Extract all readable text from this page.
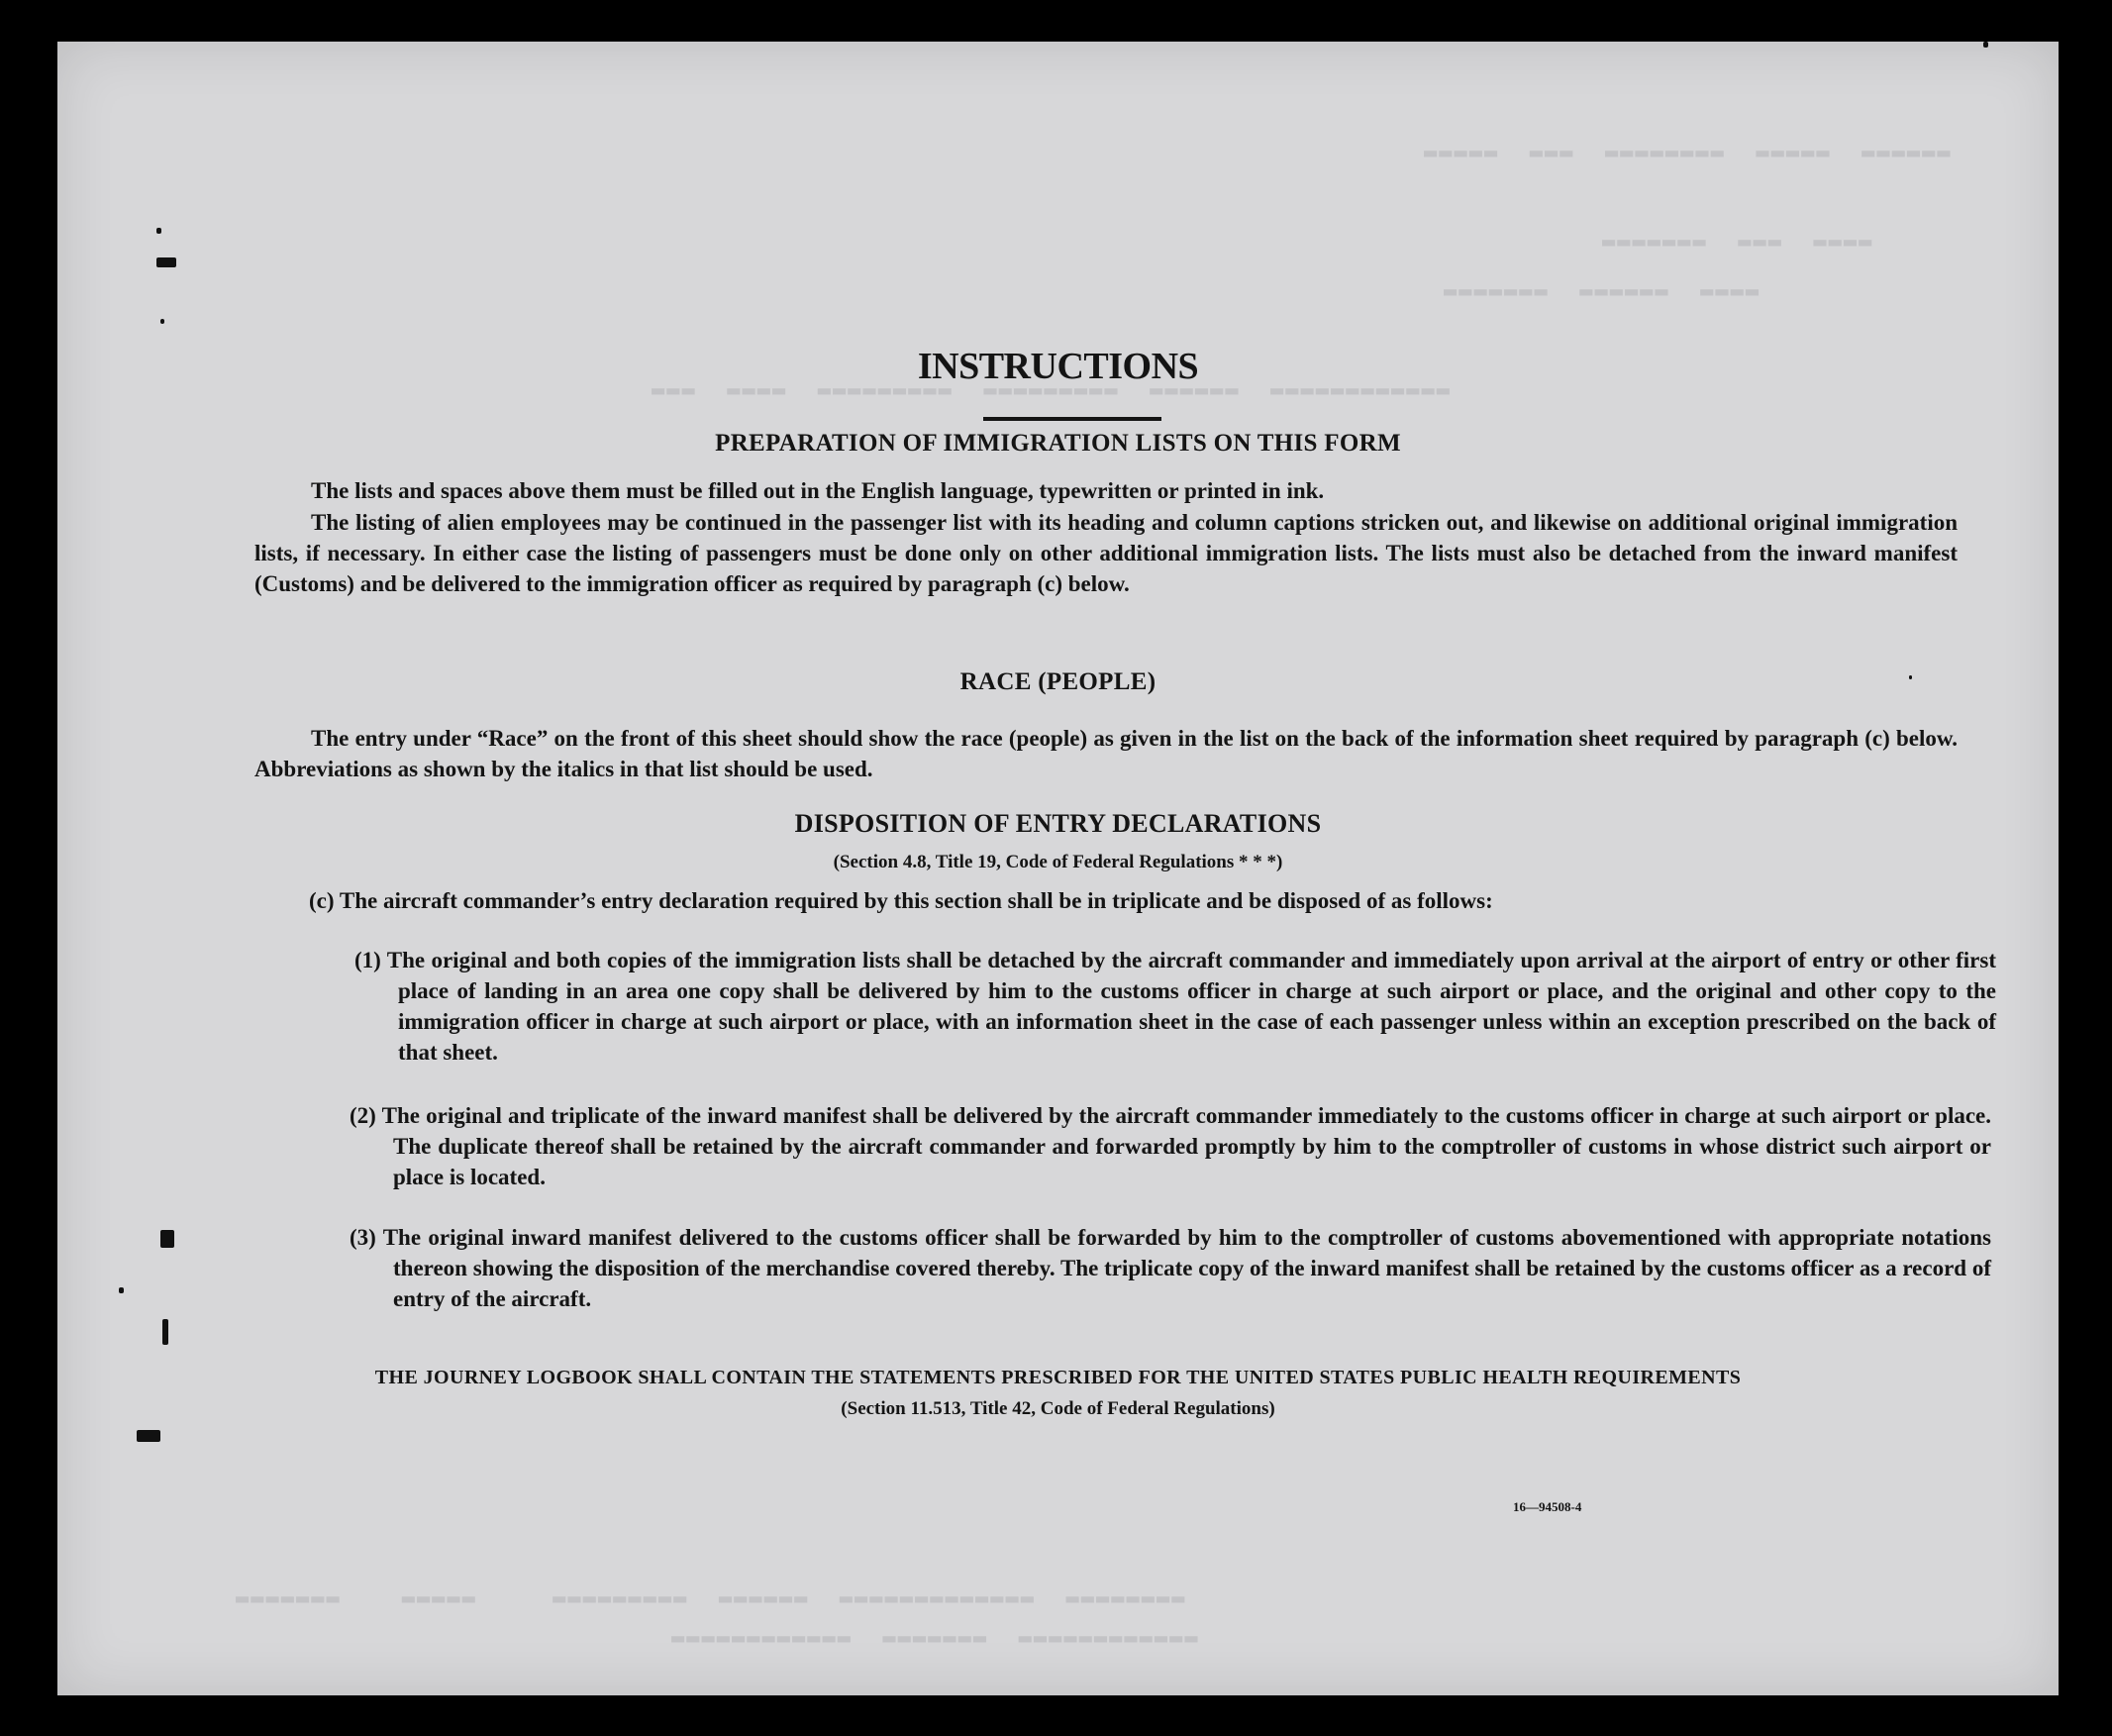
▬▬▬▬▬  ▬▬▬  ▬▬▬▬▬▬▬▬  ▬▬▬▬▬  ▬▬▬▬▬▬
▬▬▬▬▬▬▬  ▬▬▬  ▬▬▬▬
▬▬▬▬▬▬▬  ▬▬▬▬▬▬  ▬▬▬▬
▬▬▬  ▬▬▬▬  ▬▬▬▬▬▬▬▬▬  ▬▬▬▬▬▬▬▬▬  ▬▬▬▬▬▬  ▬▬▬▬▬▬▬▬▬▬▬▬
▬▬▬▬▬▬▬    ▬▬▬▬▬     ▬▬▬▬▬▬▬▬▬  ▬▬▬▬▬▬  ▬▬▬▬▬▬▬▬▬▬▬▬▬  ▬▬▬▬▬▬▬▬
▬▬▬▬▬▬▬▬▬▬▬▬  ▬▬▬▬▬▬▬  ▬▬▬▬▬▬▬▬▬▬▬▬
INSTRUCTIONS
PREPARATION OF IMMIGRATION LISTS ON THIS FORM
The lists and spaces above them must be filled out in the English language, typewritten or printed in ink.
The listing of alien employees may be continued in the passenger list with its heading and column captions stricken out, and likewise on additional original immigration lists, if necessary. In either case the listing of passengers must be done only on other additional immigration lists. The lists must also be detached from the inward manifest (Customs) and be delivered to the immigration officer as required by paragraph (c) below.
RACE (PEOPLE)
The entry under “Race” on the front of this sheet should show the race (people) as given in the list on the back of the information sheet required by paragraph (c) below. Abbreviations as shown by the italics in that list should be used.
DISPOSITION OF ENTRY DECLARATIONS
(Section 4.8, Title 19, Code of Federal Regulations * * *)
(c) The aircraft commander’s entry declaration required by this section shall be in triplicate and be disposed of as follows:
(1) The original and both copies of the immigration lists shall be detached by the aircraft commander and immediately upon arrival at the airport of entry or other first place of landing in an area one copy shall be delivered by him to the customs officer in charge at such airport or place, and the original and other copy to the immigration officer in charge at such airport or place, with an information sheet in the case of each passenger unless within an exception prescribed on the back of that sheet.
(2) The original and triplicate of the inward manifest shall be delivered by the aircraft commander immediately to the customs officer in charge at such airport or place. The duplicate thereof shall be retained by the aircraft commander and forwarded promptly by him to the comptroller of customs in whose district such airport or place is located.
(3) The original inward manifest delivered to the customs officer shall be forwarded by him to the comptroller of customs abovementioned with appropriate notations thereon showing the disposition of the merchandise covered thereby. The triplicate copy of the inward manifest shall be retained by the customs officer as a record of entry of the aircraft.
THE JOURNEY LOGBOOK SHALL CONTAIN THE STATEMENTS PRESCRIBED FOR THE UNITED STATES PUBLIC HEALTH REQUIREMENTS
(Section 11.513, Title 42, Code of Federal Regulations)
16—94508-4
